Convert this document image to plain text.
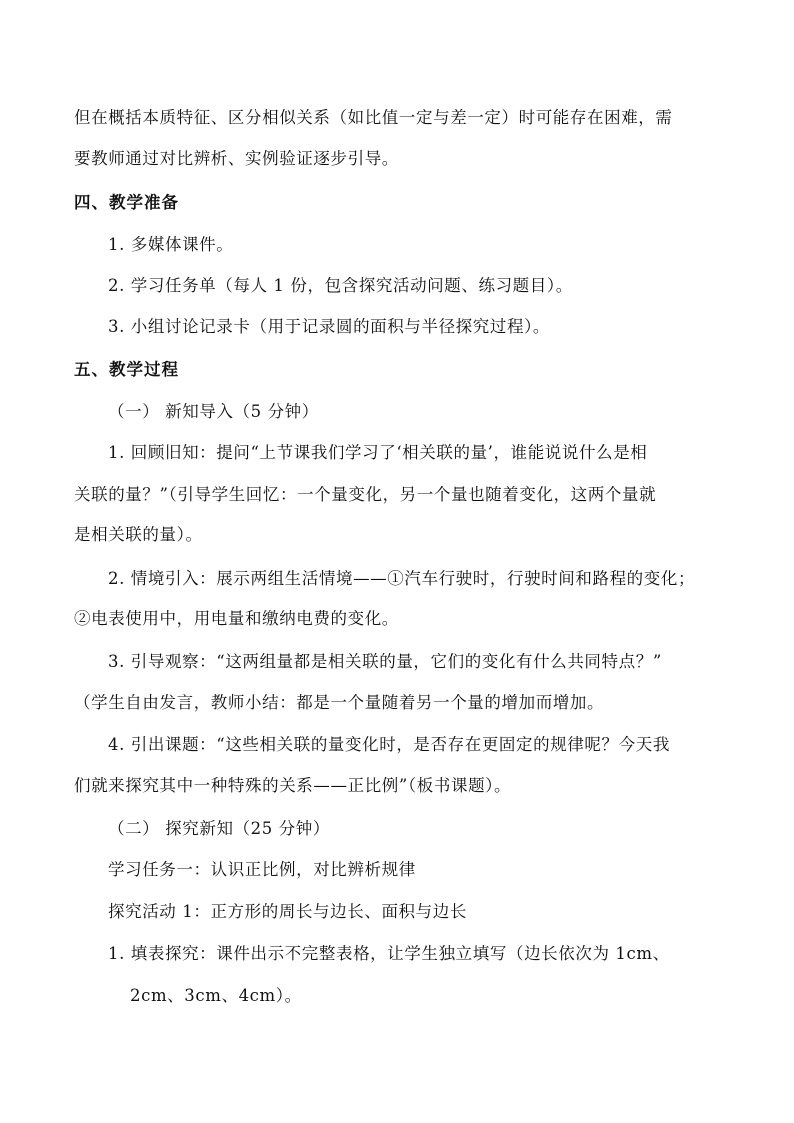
但在概括本质特征、区分相似关系（如比值一定与差一定）时可能存在困难，需
要教师通过对比辨析、实例验证逐步引导。
四、教学准备
1. 多媒体课件。
2. 学习任务单（每人 1 份，包含探究活动问题、练习题目）。
3. 小组讨论记录卡（用于记录圆的面积与半径探究过程）。
五、教学过程
（一） 新知导入（5 分钟）
1. 回顾旧知：提问“上节课我们学习了‘相关联的量’，谁能说说什么是相
关联的量？”（引导学生回忆：一个量变化，另一个量也随着变化，这两个量就
是相关联的量）。
2. 情境引入：展示两组生活情境——①汽车行驶时，行驶时间和路程的变化；
②电表使用中，用电量和缴纳电费的变化。
3. 引导观察：“这两组量都是相关联的量，它们的变化有什么共同特点？”
（学生自由发言，教师小结：都是一个量随着另一个量的增加而增加。
4. 引出课题：“这些相关联的量变化时，是否存在更固定的规律呢？今天我
们就来探究其中一种特殊的关系——正比例”（板书课题）。
（二） 探究新知（25 分钟）
学习任务一：认识正比例，对比辨析规律
探究活动 1：正方形的周长与边长、面积与边长
1. 填表探究：课件出示不完整表格，让学生独立填写（边长依次为 1cm、
2cm、3cm、4cm）。
